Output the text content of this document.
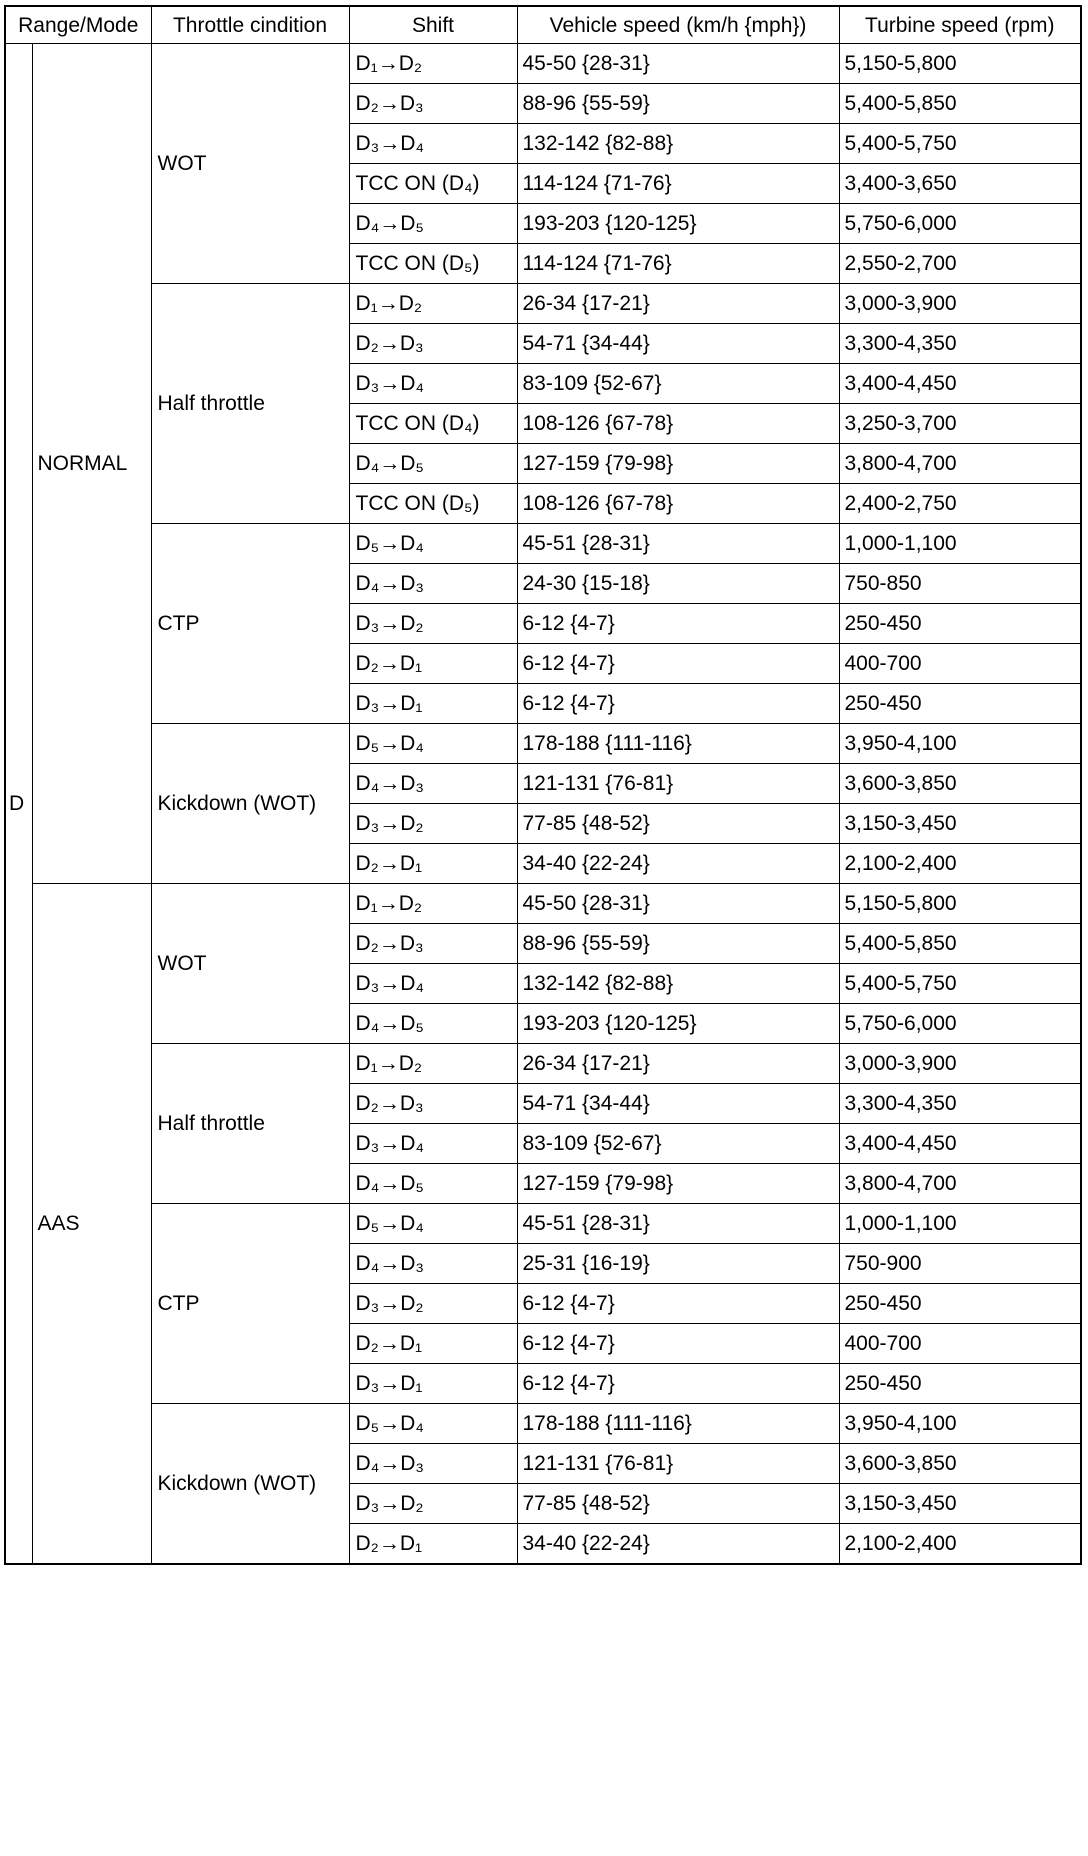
Range/Mode		Throttle cindition	Shift	Vehicle speed (km/h {mph})	Turbine speed (rpm)
D	NORMAL	WOT	D₁→D₂	45-50 {28-31}	5,150-5,800
			D₂→D₃	88-96 {55-59}	5,400-5,850
			D₃→D₄	132-142 {82-88}	5,400-5,750
			TCC ON (D₄)	114-124 {71-76}	3,400-3,650
			D₄→D₅	193-203 {120-125}	5,750-6,000
			TCC ON (D₅)	114-124 {71-76}	2,550-2,700
		Half throttle	D₁→D₂	26-34 {17-21}	3,000-3,900
			D₂→D₃	54-71 {34-44}	3,300-4,350
			D₃→D₄	83-109 {52-67}	3,400-4,450
			TCC ON (D₄)	108-126 {67-78}	3,250-3,700
			D₄→D₅	127-159 {79-98}	3,800-4,700
			TCC ON (D₅)	108-126 {67-78}	2,400-2,750
		CTP	D₅→D₄	45-51 {28-31}	1,000-1,100
			D₄→D₃	24-30 {15-18}	750-850
			D₃→D₂	6-12 {4-7}	250-450
			D₂→D₁	6-12 {4-7}	400-700
			D₃→D₁	6-12 {4-7}	250-450
		Kickdown (WOT)	D₅→D₄	178-188 {111-116}	3,950-4,100
			D₄→D₃	121-131 {76-81}	3,600-3,850
			D₃→D₂	77-85 {48-52}	3,150-3,450
			D₂→D₁	34-40 {22-24}	2,100-2,400
	AAS	WOT	D₁→D₂	45-50 {28-31}	5,150-5,800
			D₂→D₃	88-96 {55-59}	5,400-5,850
			D₃→D₄	132-142 {82-88}	5,400-5,750
			D₄→D₅	193-203 {120-125}	5,750-6,000
		Half throttle	D₁→D₂	26-34 {17-21}	3,000-3,900
			D₂→D₃	54-71 {34-44}	3,300-4,350
			D₃→D₄	83-109 {52-67}	3,400-4,450
			D₄→D₅	127-159 {79-98}	3,800-4,700
		CTP	D₅→D₄	45-51 {28-31}	1,000-1,100
			D₄→D₃	25-31 {16-19}	750-900
			D₃→D₂	6-12 {4-7}	250-450
			D₂→D₁	6-12 {4-7}	400-700
			D₃→D₁	6-12 {4-7}	250-450
		Kickdown (WOT)	D₅→D₄	178-188 {111-116}	3,950-4,100
			D₄→D₃	121-131 {76-81}	3,600-3,850
			D₃→D₂	77-85 {48-52}	3,150-3,450
			D₂→D₁	34-40 {22-24}	2,100-2,400
